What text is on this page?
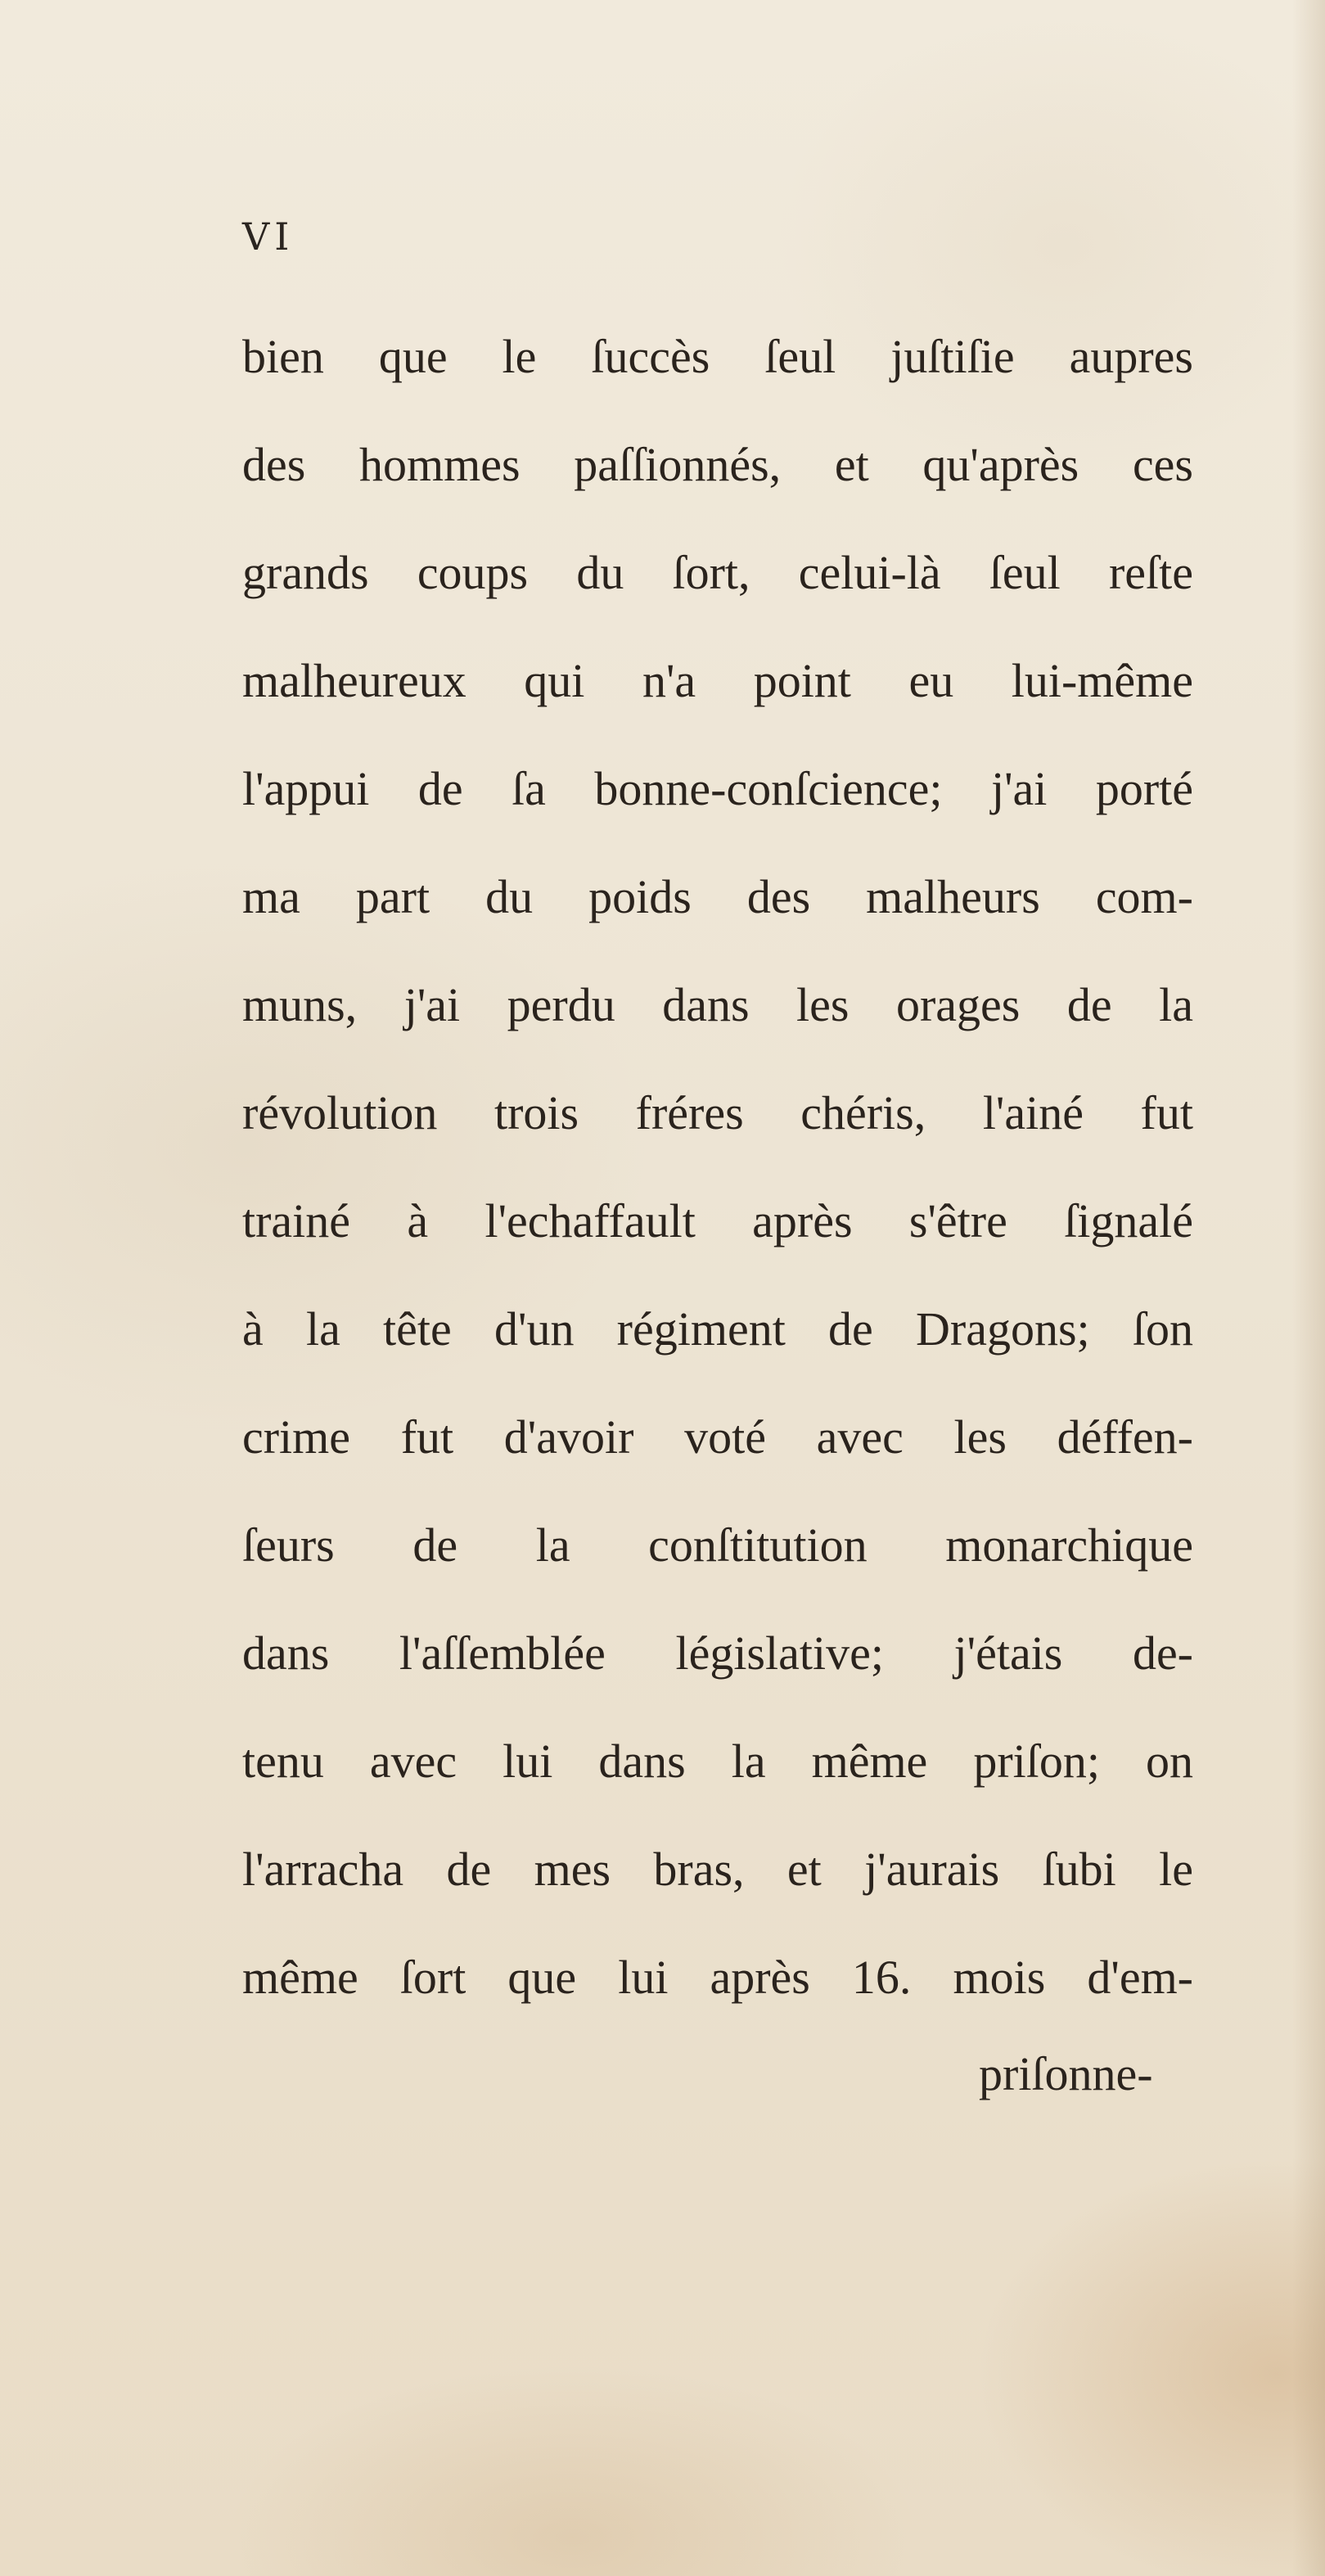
VI
bien que le ſuccès ſeul juſtiſie aupres
des hommes paſſionnés, et qu'après ces
grands coups du ſort, celui-là ſeul reſte
malheureux qui n'a point eu lui-même
l'appui de ſa bonne-conſcience; j'ai porté
ma part du poids des malheurs com-
muns, j'ai perdu dans les orages de la
révolution trois fréres chéris, l'ainé fut
trainé à l'echaffault après s'être ſignalé
à la tête d'un régiment de Dragons; ſon
crime fut d'avoir voté avec les déffen-
ſeurs de la conſtitution monarchique
dans l'aſſemblée législative; j'étais de-
tenu avec lui dans la même priſon; on
l'arracha de mes bras, et j'aurais ſubi le
même ſort que lui après 16. mois d'em-
priſonne-
